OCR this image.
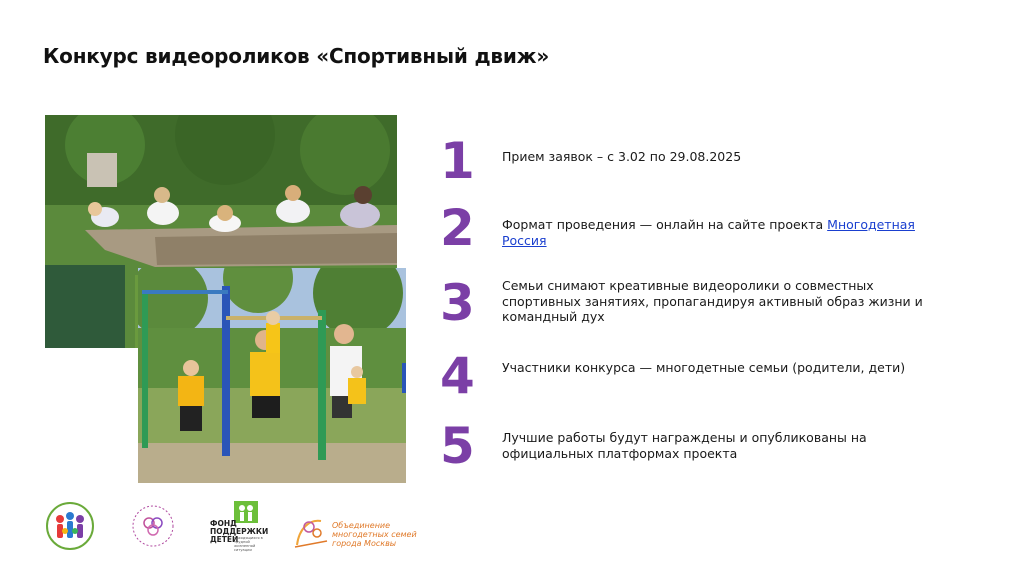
Конкурс видеороликов «Спортивный движ»
1	Прием заявок – с 3.02 по 29.08.2025
2	Формат проведения — онлайн на сайте проекта Многодетная Россия
3	Семьи снимают креативные видеоролики о совместных спортивных занятиях, пропагандируя активный образ жизни и командный дух
4	Участники конкурса — многодетные семьи (родители, дети)
5	Лучшие работы будут награждены и опубликованы на официальных платформах проекта
ФОНД
ПОДДЕРЖКИ
ДЕТЕЙ
находящихся в трудной жизненной ситуации
Объединение
многодетных семей
города Москвы
